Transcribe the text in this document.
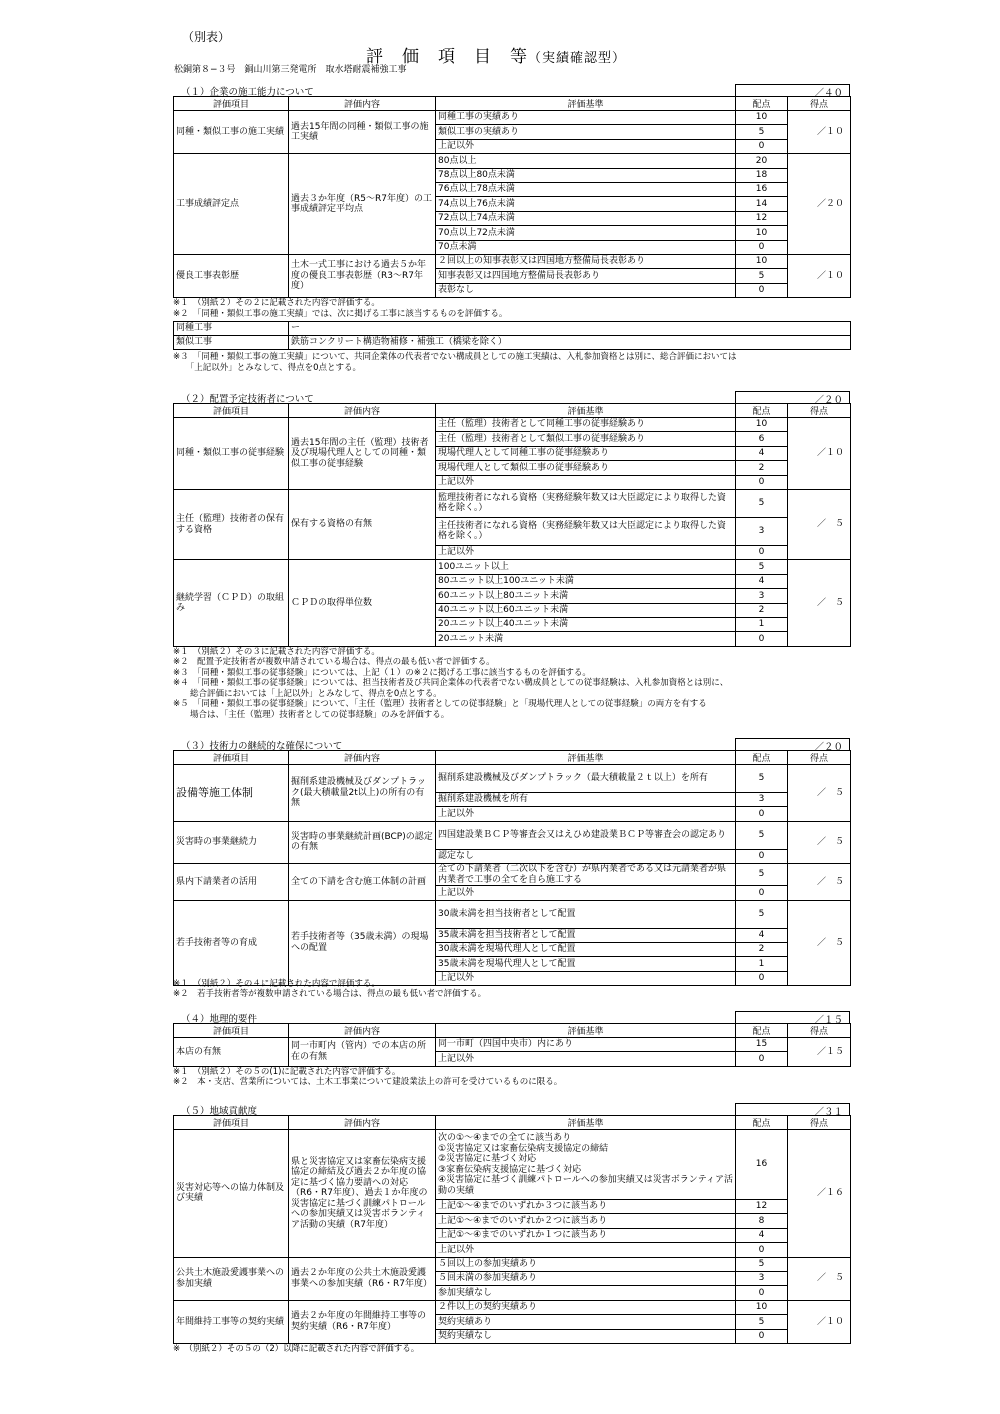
（別表）
評　価　項　目　等（実績確認型）
松銅第８−３号　銅山川第三発電所　取水塔耐震補強工事
（１）企業の施工能力について	／４０
評価項目	評価内容	評価基準	配点	得点
同種・類似工事の施工実績	過去15年間の同種・類似工事の施工実績	同種工事の実績あり	10	／１０
		類似工事の実績あり	5	
		上記以外	0	
工事成績評定点	過去３か年度（R5〜R7年度）の工事成績評定平均点	80点以上	20	／２０
		78点以上80点未満	18	
		76点以上78点未満	16	
		74点以上76点未満	14	
		72点以上74点未満	12	
		70点以上72点未満	10	
		70点未満	0	
優良工事表彰歴	土木一式工事における過去５か年度の優良工事表彰歴（R3〜R7年度）	２回以上の知事表彰又は四国地方整備局長表彰あり	10	／１０
		知事表彰又は四国地方整備局長表彰あり	5	
		表彰なし	0	
※１　（別紙２）その２に記載された内容で評価する。
※２　「同種・類似工事の施工実績」では、次に掲げる工事に該当するものを評価する。
同種工事	ー
類似工事	鉄筋コンクリート構造物補修・補強工（橋梁を除く）
※３　「同種・類似工事の施工実績」について、共同企業体の代表者でない構成員としての施工実績は、入札参加資格とは別に、総合評価においては
　　「上記以外」とみなして、得点を0点とする。
（２）配置予定技術者について	／２０
評価項目	評価内容	評価基準	配点	得点
同種・類似工事の従事経験	過去15年間の主任（監理）技術者及び現場代理人としての同種・類似工事の従事経験	主任（監理）技術者として同種工事の従事経験あり	10	／１０
		主任（監理）技術者として類似工事の従事経験あり	6	
		現場代理人として同種工事の従事経験あり	4	
		現場代理人として類似工事の従事経験あり	2	
		上記以外	0	
主任（監理）技術者の保有する資格	保有する資格の有無	監理技術者になれる資格（実務経験年数又は大臣認定により取得した資格を除く。）	5	／　５
		主任技術者になれる資格（実務経験年数又は大臣認定により取得した資格を除く。）	3	
		上記以外	0	
継続学習（ＣＰＤ）の取組み	ＣＰＤの取得単位数	100ユニット以上	5	／　５
		80ユニット以上100ユニット未満	4	
		60ユニット以上80ユニット未満	3	
		40ユニット以上60ユニット未満	2	
		20ユニット以上40ユニット未満	1	
		20ユニット未満	0	
※１　（別紙２）その３に記載された内容で評価する。
※２　配置予定技術者が複数申請されている場合は、得点の最も低い者で評価する。
※３　「同種・類似工事の従事経験」については、上記（１）の※２に掲げる工事に該当するものを評価する。
※４　「同種・類似工事の従事経験」については、担当技術者及び共同企業体の代表者でない構成員としての従事経験は、入札参加資格とは別に、
　　総合評価においては「上記以外」とみなして、得点を0点とする。
※５　「同種・類似工事の従事経験」について、「主任（監理）技術者としての従事経験」と「現場代理人としての従事経験」の両方を有する
　　場合は、「主任（監理）技術者としての従事経験」のみを評価する。
（３）技術力の継続的な確保について	／２０
評価項目	評価内容	評価基準	配点	得点
設備等施工体制	掘削系建設機械及びダンプトラック(最大積載量2t以上)の所有の有無	掘削系建設機械及びダンプトラック（最大積載量２ｔ以上）を所有	5	／　５
		掘削系建設機械を所有	3	
		上記以外	0	
災害時の事業継続力	災害時の事業継続計画(BCP)の認定の有無	四国建設業ＢＣＰ等審査会又はえひめ建設業ＢＣＰ等審査会の認定あり	5	／　５
		認定なし	0	
県内下請業者の活用	全ての下請を含む施工体制の計画	全ての下請業者（二次以下を含む）が県内業者である又は元請業者が県内業者で工事の全てを自ら施工する	5	／　５
		上記以外	0	
若手技術者等の育成	若手技術者等（35歳未満）の現場への配置	30歳未満を担当技術者として配置	5	／　５
		35歳未満を担当技術者として配置	4	
		30歳未満を現場代理人として配置	2	
		35歳未満を現場代理人として配置	1	
		上記以外	0	
※１　（別紙２）その４に記載された内容で評価する。
※２　若手技術者等が複数申請されている場合は、得点の最も低い者で評価する。
（４）地理的要件	／１５
評価項目	評価内容	評価基準	配点	得点
本店の有無	同一市町内（管内）での本店の所在の有無	同一市町（四国中央市）内にあり	15	／１５
		上記以外	0	
※１　（別紙２）その５の(1)に記載された内容で評価する。
※２　本・支店、営業所については、土木工事業について建設業法上の許可を受けているものに限る。
（５）地域貢献度	／３１
評価項目	評価内容	評価基準	配点	得点
災害対応等への協力体制及び実績	県と災害協定又は家畜伝染病支援協定の締結及び過去２か年度の協定に基づく協力要請への対応（R6・R7年度）、過去１か年度の災害協定に基づく訓練パトロールへの参加実績又は災害ボランティア活動の実績（R7年度）	次の①〜④までの全てに該当あり
①災害協定又は家畜伝染病支援協定の締結
②災害協定に基づく対応
③家畜伝染病支援協定に基づく対応
④災害協定に基づく訓練パトロールへの参加実績又は災害ボランティア活動の実績	16	／１６
		上記①〜④までのいずれか３つに該当あり	12	
		上記①〜④までのいずれか２つに該当あり	8	
		上記①〜④までのいずれか１つに該当あり	4	
		上記以外	0	
公共土木施設愛護事業への参加実績	過去２か年度の公共土木施設愛護事業への参加実績（R6・R7年度）	５回以上の参加実績あり	5	／　５
		５回未満の参加実績あり	3	
		参加実績なし	0	
年間維持工事等の契約実績	過去２か年度の年間維持工事等の契約実績（R6・R7年度）	２件以上の契約実績あり	10	／１０
		契約実績あり	5	
		契約実績なし	0	
※　（別紙２）その５の（2）以降に記載された内容で評価する。
